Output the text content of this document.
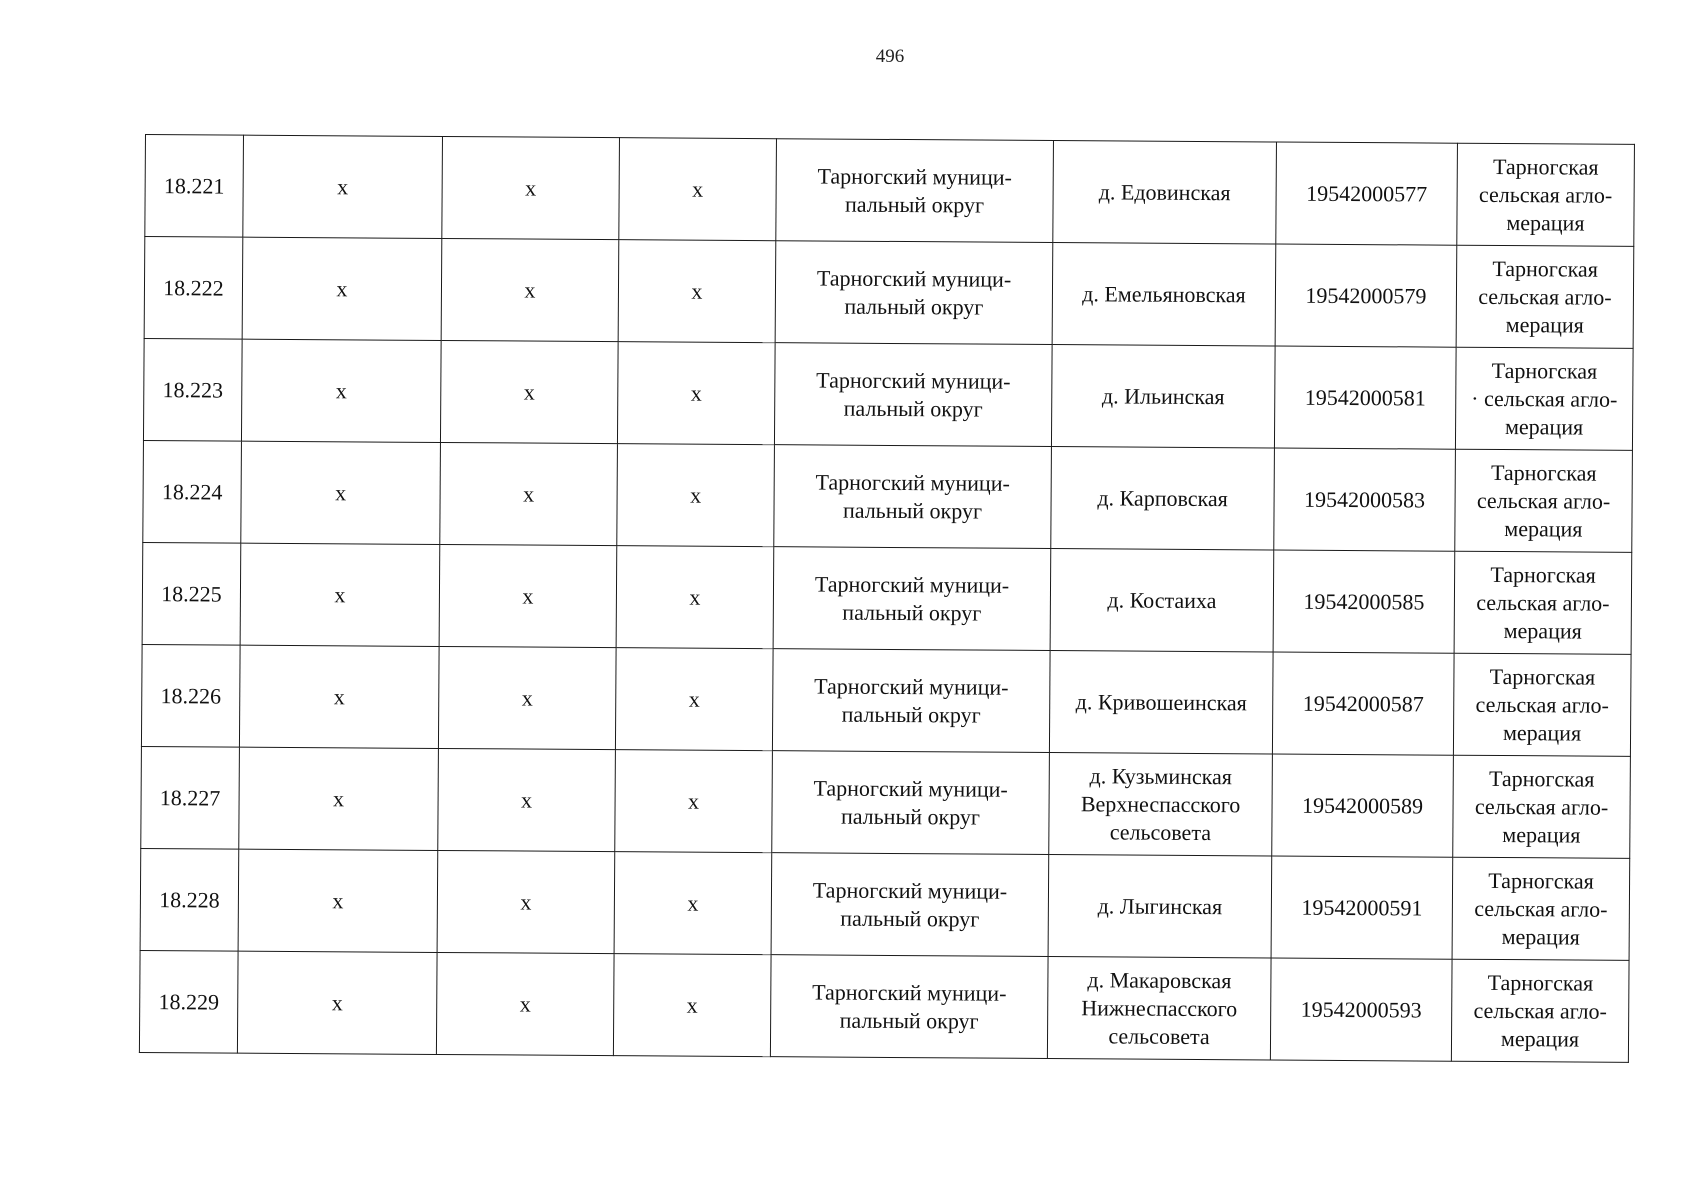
496
18.221	x	x	x	Тарногский муници-
пальный округ	д. Едовинская	19542000577	Тарногская
сельская агло-
мерация
18.222	x	x	x	Тарногский муници-
пальный округ	д. Емельяновская	19542000579	Тарногская
сельская агло-
мерация
18.223	x	x	x	Тарногский муници-
пальный округ	д. Ильинская	19542000581	Тарногская
· сельская агло-
мерация
18.224	x	x	x	Тарногский муници-
пальный округ	д. Карповская	19542000583	Тарногская
сельская агло-
мерация
18.225	x	x	x	Тарногский муници-
пальный округ	д. Костаиха	19542000585	Тарногская
сельская агло-
мерация
18.226	x	x	x	Тарногский муници-
пальный округ	д. Кривошеинская	19542000587	Тарногская
сельская агло-
мерация
18.227	x	x	x	Тарногский муници-
пальный округ	д. Кузьминская
Верхнеспасского
сельсовета	19542000589	Тарногская
сельская агло-
мерация
18.228	x	x	x	Тарногский муници-
пальный округ	д. Лыгинская	19542000591	Тарногская
сельская агло-
мерация
18.229	x	x	x	Тарногский муници-
пальный округ	д. Макаровская
Нижнеспасского
сельсовета	19542000593	Тарногская
сельская агло-
мерация
